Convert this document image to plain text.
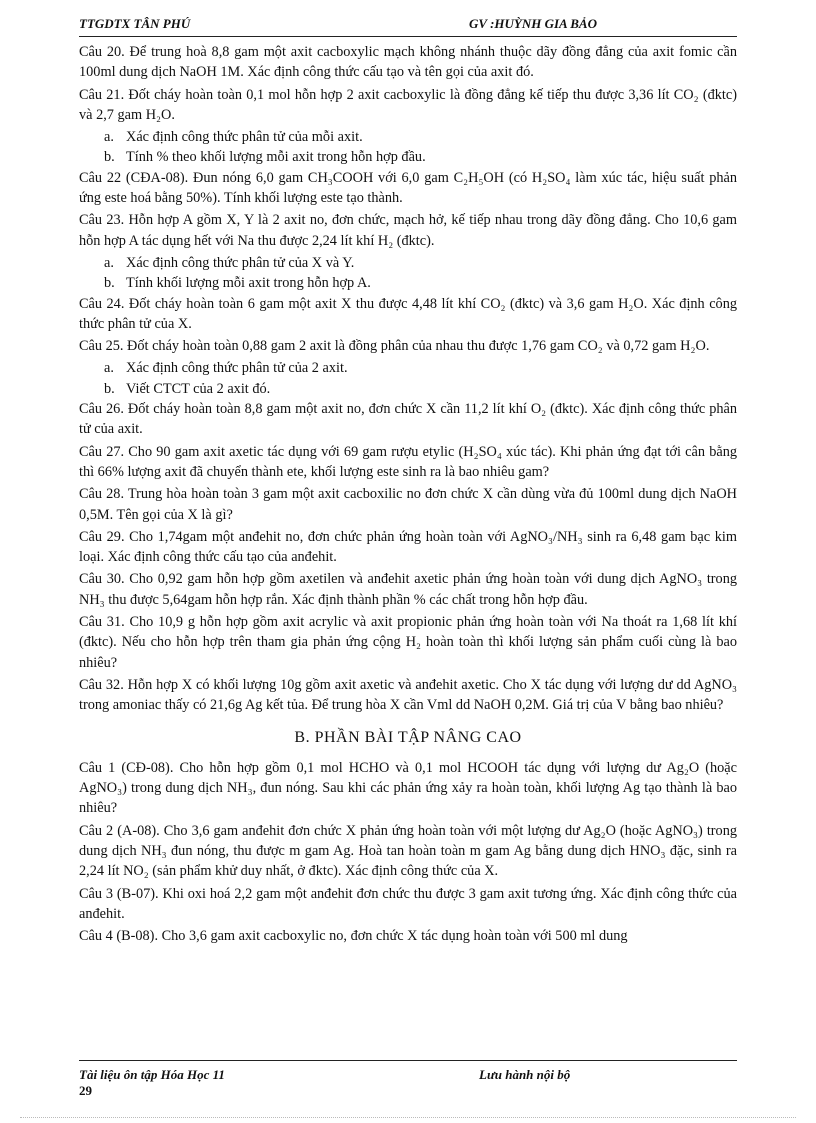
TTGDTX TÂN PHÚ	GV :HUỲNH GIA BẢO
Câu 20. Để trung hoà 8,8 gam một axit cacboxylic mạch không nhánh thuộc dãy đồng đẳng của axit fomic cần 100ml dung dịch NaOH 1M. Xác định công thức cấu tạo và tên gọi của axit đó.
Câu 21. Đốt cháy hoàn toàn 0,1 mol hỗn hợp 2 axit cacboxylic là đồng đẳng kế tiếp thu được 3,36 lít CO₂ (đktc) và 2,7 gam H₂O.
a. Xác định công thức phân tử của mỗi axit.
b. Tính % theo khối lượng mỗi axit trong hỗn hợp đầu.
Câu 22 (CĐA-08). Đun nóng 6,0 gam CH₃COOH với 6,0 gam C₂H₅OH (có H₂SO₄ làm xúc tác, hiệu suất phản ứng este hoá bằng 50%). Tính khối lượng este tạo thành.
Câu 23. Hỗn hợp A gồm X, Y là 2 axit no, đơn chức, mạch hở, kế tiếp nhau trong dãy đồng đẳng. Cho 10,6 gam hỗn hợp A tác dụng hết với Na thu được 2,24 lít khí H₂ (đktc).
a. Xác định công thức phân tử của X và Y.
b. Tính khối lượng mỗi axit trong hỗn hợp A.
Câu 24. Đốt cháy hoàn toàn 6 gam một axit X thu được 4,48 lít khí CO₂ (đktc) và 3,6 gam H₂O. Xác định công thức phân tử của X.
Câu 25. Đốt cháy hoàn toàn 0,88 gam 2 axit là đồng phân của nhau thu được 1,76 gam CO₂ và 0,72 gam H₂O.
a. Xác định công thức phân tử của 2 axit.
b. Viết CTCT của 2 axit đó.
Câu 26. Đốt cháy hoàn toàn 8,8 gam một axit no, đơn chức X cần 11,2 lít khí O₂ (đktc). Xác định công thức phân tử của axit.
Câu 27. Cho 90 gam axit axetic tác dụng với 69 gam rượu etylic (H₂SO₄ xúc tác). Khi phản ứng đạt tới cân bằng thì 66% lượng axit đã chuyển thành ete, khối lượng este sinh ra là bao nhiêu gam?
Câu 28. Trung hòa hoàn toàn 3 gam một axit cacboxilic no đơn chức X cần dùng vừa đủ 100ml dung dịch NaOH 0,5M. Tên gọi của X là gì?
Câu 29. Cho 1,74gam một anđehit no, đơn chức phản ứng hoàn toàn với AgNO₃/NH₃ sinh ra 6,48 gam bạc kim loại. Xác định công thức cấu tạo của anđehit.
Câu 30. Cho 0,92 gam hỗn hợp gồm axetilen và anđehit axetic phản ứng hoàn toàn với dung dịch AgNO₃ trong NH₃ thu được 5,64gam hỗn hợp rắn. Xác định thành phần % các chất trong hỗn hợp đầu.
Câu 31. Cho 10,9 g hỗn hợp gồm axit acrylic và axit propionic phản ứng hoàn toàn với Na thoát ra 1,68 lít khí (đktc). Nếu cho hỗn hợp trên tham gia phản ứng cộng H₂ hoàn toàn thì khối lượng sản phẩm cuối cùng là bao nhiêu?
Câu 32. Hỗn hợp X có khối lượng 10g gồm axit axetic và anđehit axetic. Cho X tác dụng với lượng dư dd AgNO₃ trong amoniac thấy có 21,6g Ag kết tủa. Để trung hòa X cần Vml dd NaOH 0,2M. Giá trị của V bằng bao nhiêu?
B. PHẦN BÀI TẬP NÂNG CAO
Câu 1 (CĐ-08). Cho hỗn hợp gồm 0,1 mol HCHO và 0,1 mol HCOOH tác dụng với lượng dư Ag₂O (hoặc AgNO₃) trong dung dịch NH₃, đun nóng. Sau khi các phản ứng xảy ra hoàn toàn, khối lượng Ag tạo thành là bao nhiêu?
Câu 2 (A-08). Cho 3,6 gam anđehit đơn chức X phản ứng hoàn toàn với một lượng dư Ag₂O (hoặc AgNO₃) trong dung dịch NH₃ đun nóng, thu được m gam Ag. Hoà tan hoàn toàn m gam Ag bằng dung dịch HNO₃ đặc, sinh ra 2,24 lít NO₂ (sản phẩm khử duy nhất, ở đktc). Xác định công thức của X.
Câu 3 (B-07). Khi oxi hoá 2,2 gam một anđehit đơn chức thu được 3 gam axit tương ứng. Xác định công thức của anđehit.
Câu 4 (B-08). Cho 3,6 gam axit cacboxylic no, đơn chức X tác dụng hoàn toàn với 500 ml dung
Tài liệu ôn tập Hóa Học 11	Lưu hành nội bộ
29
